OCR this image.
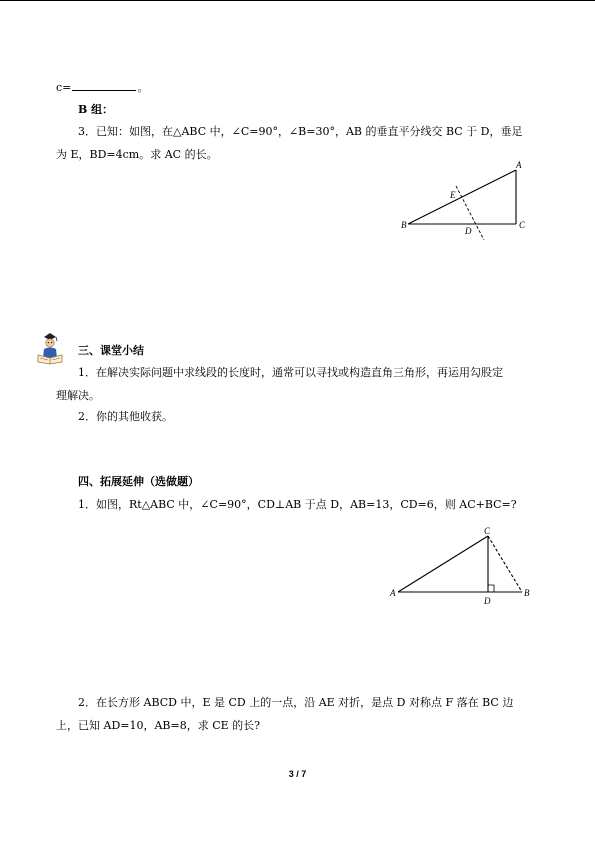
c=	。
B 组：
3．已知：如图，在△ABC 中，∠C=90°，∠B=30°，AB 的垂直平分线交 BC 于 D，垂足
为 E，BD=4cm。求 AC 的长。
A
B	C
D
E
三、课堂小结
1．在解决实际问题中求线段的长度时，通常可以寻找或构造直角三角形，再运用勾股定
理解决。
2．你的其他收获。
四、拓展延伸（选做题）
1．如图，Rt△ABC 中，∠C=90°，CD⊥AB 于点 D，AB=13，CD=6，则 AC+BC=?
A	B
C
D
2．在长方形 ABCD 中，E 是 CD 上的一点，沿 AE 对折，是点 D 对称点 F 落在 BC 边
上，已知 AD=10，AB=8，求 CE 的长?
3 / 7
